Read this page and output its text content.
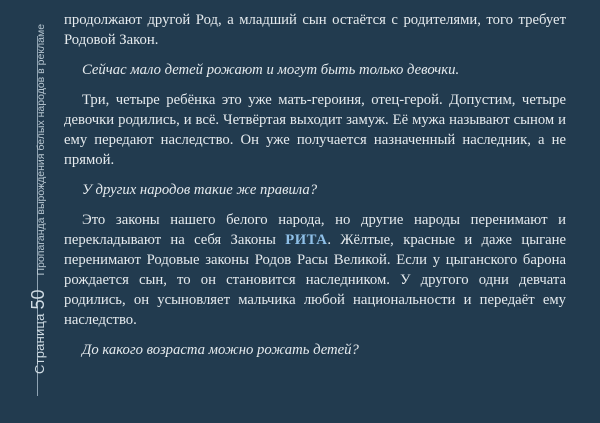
Страница
50
Пропаганда вырождения белых народов в рекламе

продолжают другой Род, а младший сын остаётся с родителями, того требует Родовой Закон.

Сейчас мало детей рожают и могут быть только девочки.

Три, четыре ребёнка это уже мать-героиня, отец-герой. Допустим, четыре девочки родились, и всё. Четвёртая выходит замуж. Её мужа называют сыном и ему передают наследство. Он уже получается назначенный наследник, а не прямой.

У других народов такие же правила?

Это законы нашего белого народа, но другие народы перенимают и перекладывают на себя Законы РИТА. Жёлтые, красные и даже цыгане перенимают Родовые законы Родов Расы Великой. Если у цыганского барона рождается сын, то он становится наследником. У другого одни девчата родились, он усыновляет мальчика любой национальности и передаёт ему наследство.

До какого возраста можно рожать детей?
